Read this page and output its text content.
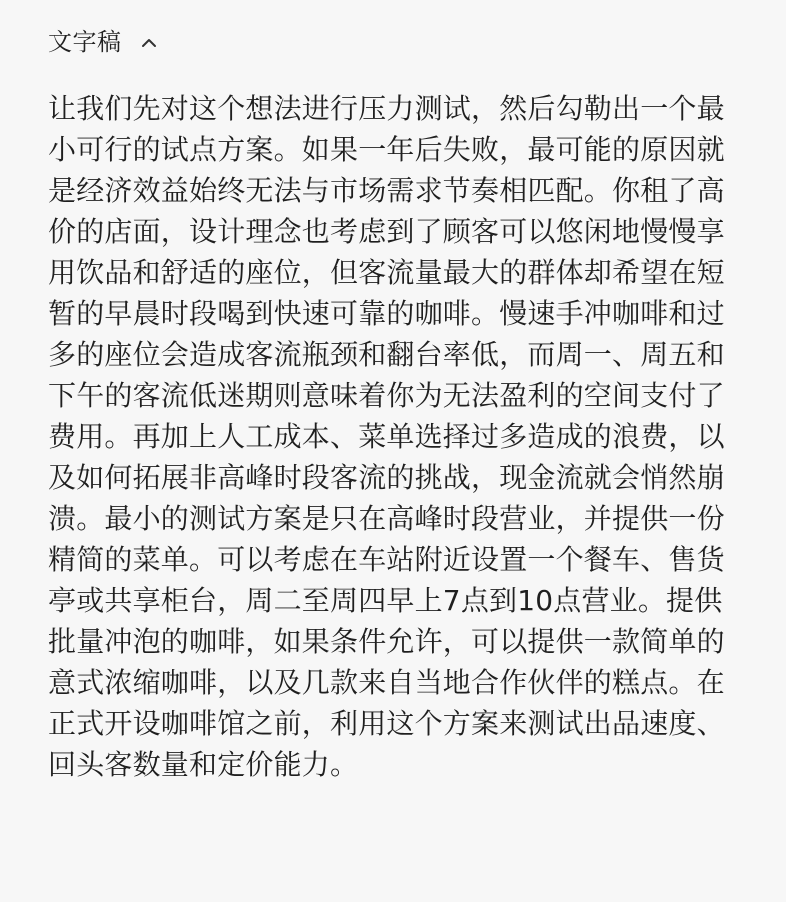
文字稿

让我们先对这个想法进行压力测试，然后勾勒出一个最小可行的试点方案。如果一年后失败，最可能的原因就是经济效益始终无法与市场需求节奏相匹配。你租了高价的店面，设计理念也考虑到了顾客可以悠闲地慢慢享用饮品和舒适的座位，但客流量最大的群体却希望在短暂的早晨时段喝到快速可靠的咖啡。慢速手冲咖啡和过多的座位会造成客流瓶颈和翻台率低，而周一、周五和下午的客流低迷期则意味着你为无法盈利的空间支付了费用。再加上人工成本、菜单选择过多造成的浪费，以及如何拓展非高峰时段客流的挑战，现金流就会悄然崩溃。最小的测试方案是只在高峰时段营业，并提供一份精简的菜单。可以考虑在车站附近设置一个餐车、售货亭或共享柜台，周二至周四早上7点到10点营业。提供批量冲泡的咖啡，如果条件允许，可以提供一款简单的意式浓缩咖啡，以及几款来自当地合作伙伴的糕点。在正式开设咖啡馆之前，利用这个方案来测试出品速度、回头客数量和定价能力。
